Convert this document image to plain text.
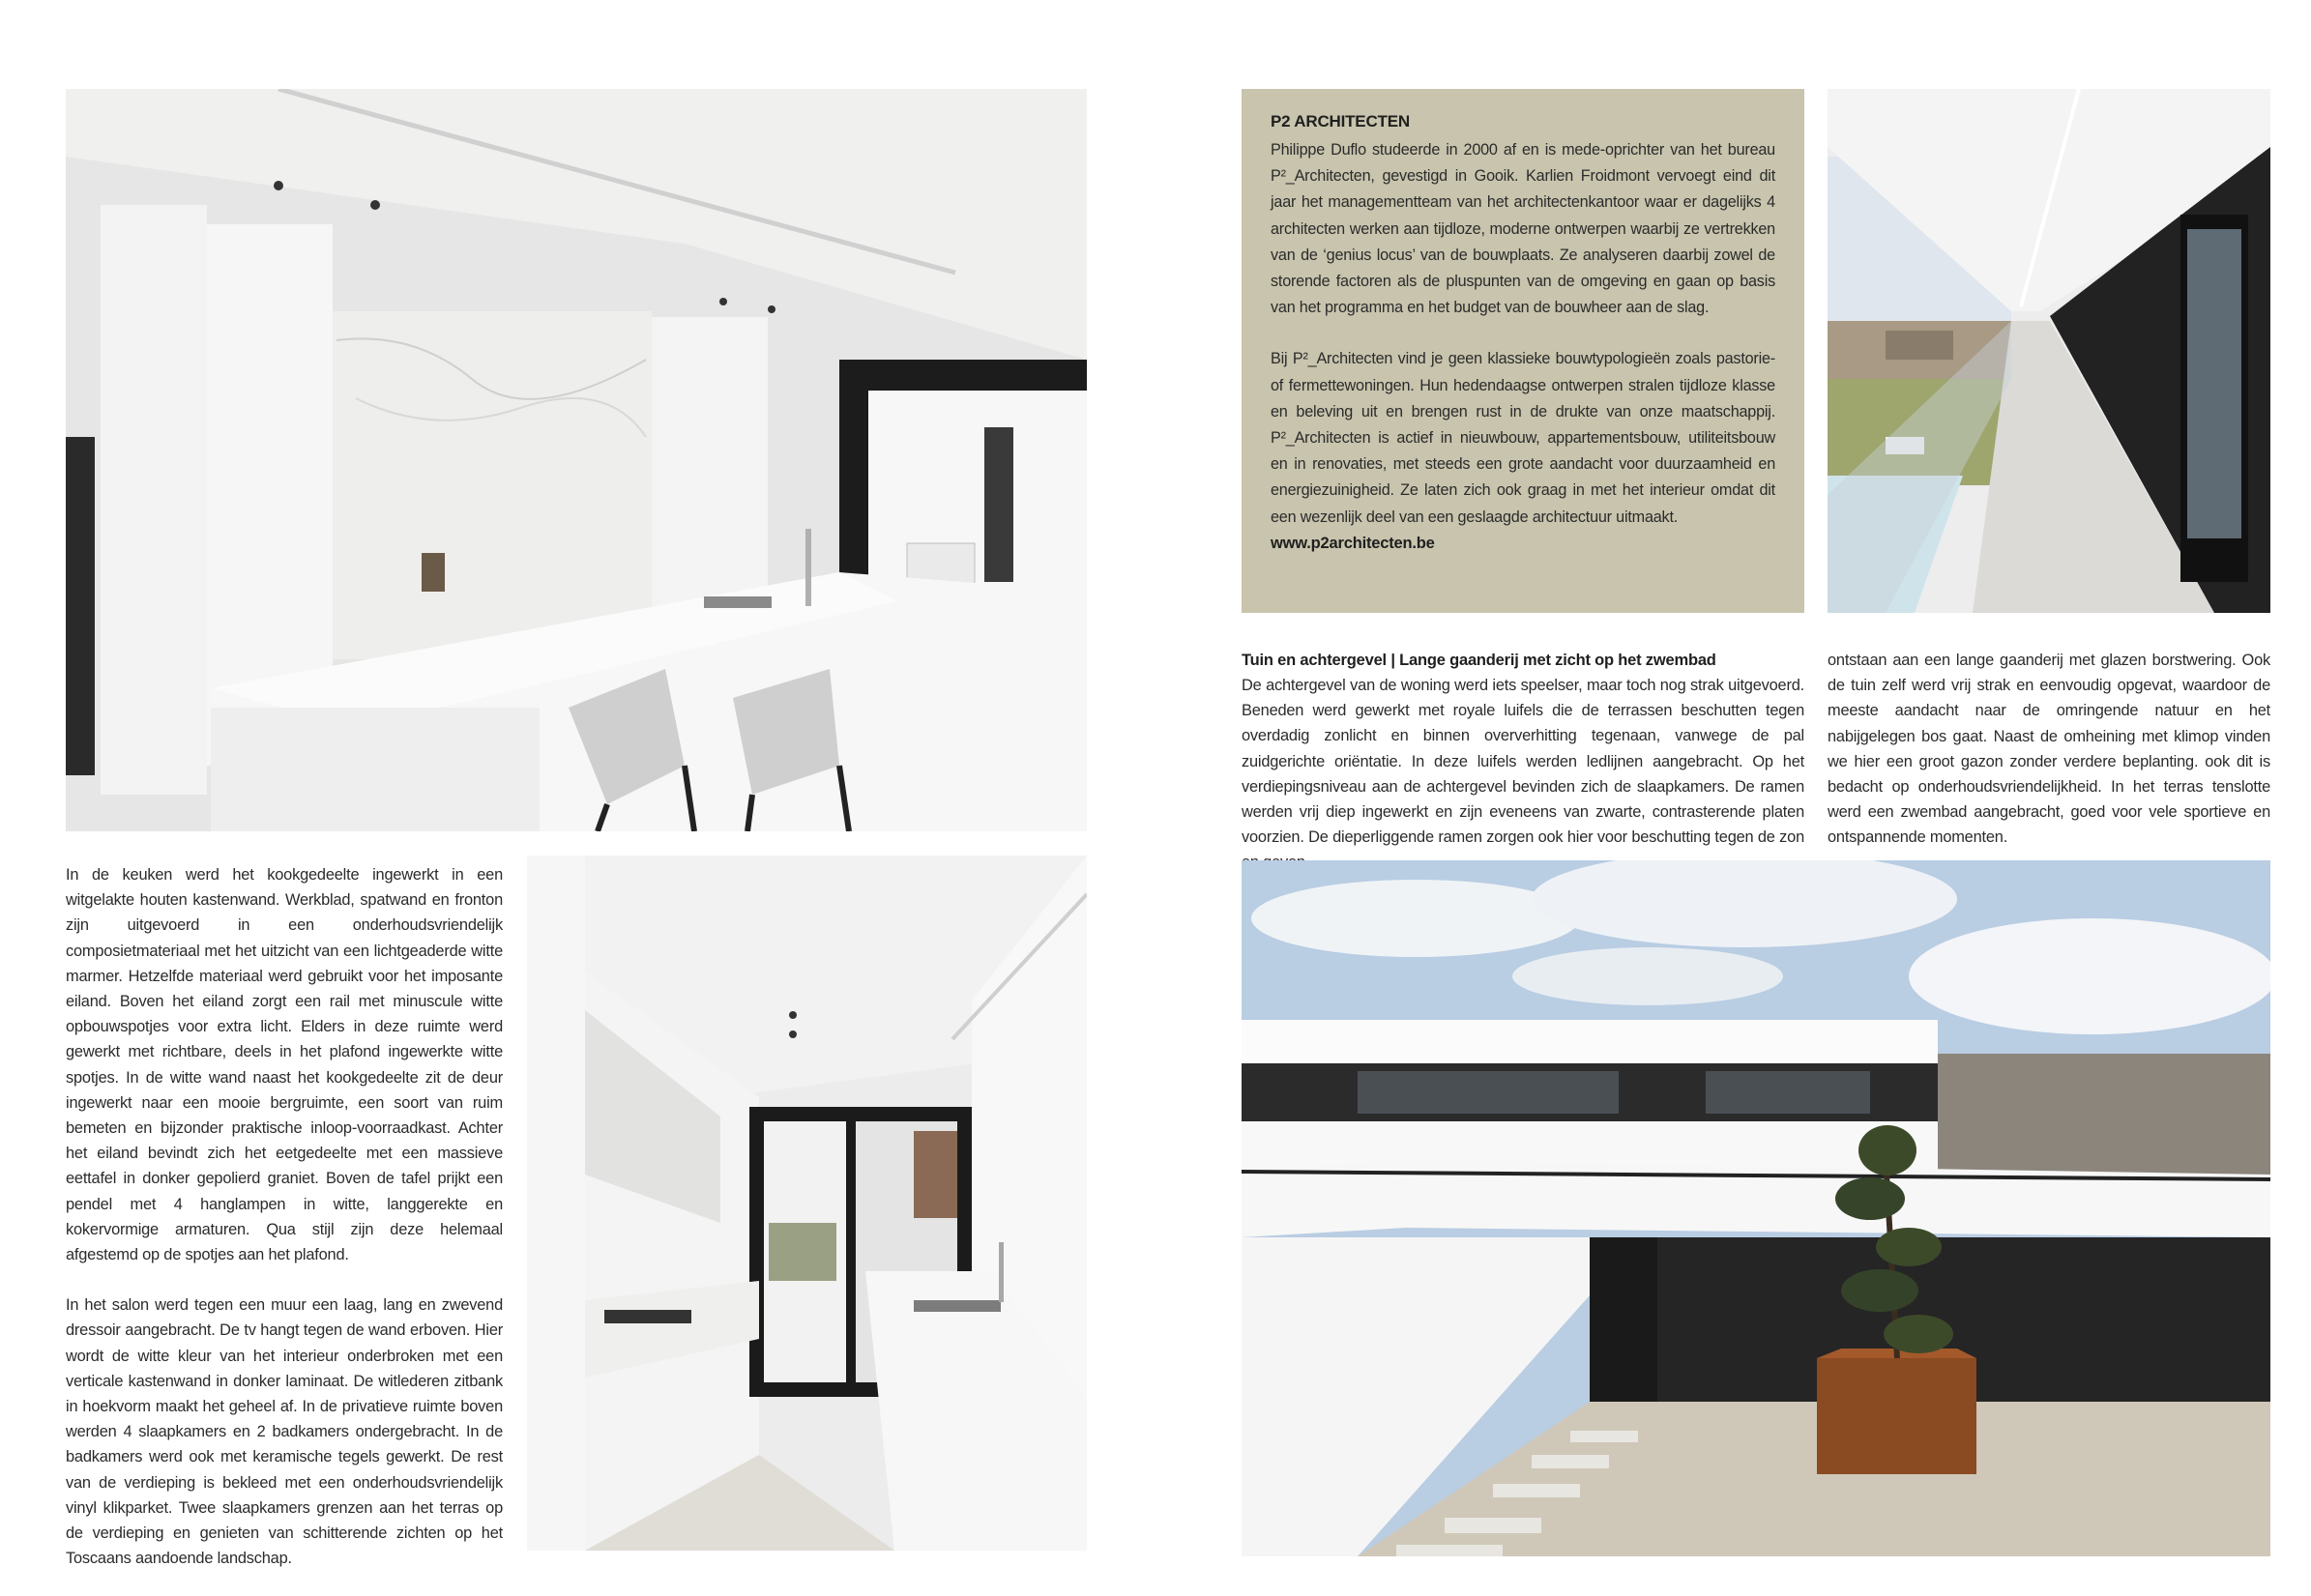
In de keuken werd het kookgedeelte ingewerkt in een witgelakte houten kastenwand. Werkblad, spatwand en fronton zijn uitgevoerd in een onderhoudsvriendelijk composietmateriaal met het uitzicht van een lichtgeaderde witte marmer. Hetzelfde materiaal werd gebruikt voor het imposante eiland. Boven het eiland zorgt een rail met minuscule witte opbouwspotjes voor extra licht. Elders in deze ruimte werd gewerkt met richtbare, deels in het plafond ingewerkte witte spotjes. In de witte wand naast het kookgedeelte zit de deur ingewerkt naar een mooie bergruimte, een soort van ruim bemeten en bijzonder praktische inloop-voorraadkast. Achter het eiland bevindt zich het eetgedeelte met een massieve eettafel in donker gepolierd graniet. Boven de tafel prijkt een pendel met 4 hanglampen in witte, langgerekte en kokervormige armaturen. Qua stijl zijn deze helemaal afgestemd op de spotjes aan het plafond.

In het salon werd tegen een muur een laag, lang en zwevend dressoir aangebracht. De tv hangt tegen de wand erboven. Hier wordt de witte kleur van het interieur onderbroken met een verticale kastenwand in donker laminaat. De witlederen zitbank in hoekvorm maakt het geheel af. In de privatieve ruimte boven werden 4 slaapkamers en 2 badkamers ondergebracht. In de badkamers werd ook met keramische tegels gewerkt. De rest van de verdieping is bekleed met een onderhoudsvriendelijk vinyl klikparket. Twee slaapkamers grenzen aan het terras op de verdieping en genieten van schitterende zichten op het Toscaans aandoende landschap.

P2 ARCHITECTEN

Philippe Duflo studeerde in 2000 af en is mede-oprichter van het bureau P²_Architecten, gevestigd in Gooik. Karlien Froidmont vervoegt eind dit jaar het managementteam van het architectenkantoor waar er dagelijks 4 architecten werken aan tijdloze, moderne ontwerpen waarbij ze vertrekken van de ‘genius locus’ van de bouwplaats. Ze analyseren daarbij zowel de storende factoren als de pluspunten van de omgeving en gaan op basis van het programma en het budget van de bouwheer aan de slag.

Bij P²_Architecten vind je geen klassieke bouwtypologieën zoals pastorie- of fermettewoningen. Hun hedendaagse ontwerpen stralen tijdloze klasse en beleving uit en brengen rust in de drukte van onze maatschappij. P²_Architecten is actief in nieuwbouw, appartementsbouw, utiliteitsbouw en in renovaties, met steeds een grote aandacht voor duurzaamheid en energiezuinigheid. Ze laten zich ook graag in met het interieur omdat dit een wezenlijk deel van een geslaagde architectuur uitmaakt.

www.p2architecten.be

Tuin en achtergevel | Lange gaanderij met zicht op het zwembad
De achtergevel van de woning werd iets speelser, maar toch nog strak uitgevoerd. Beneden werd gewerkt met royale luifels die de terrassen beschutten tegen overdadig zonlicht en binnen oververhitting tegenaan, vanwege de pal zuidgerichte oriëntatie. In deze luifels werden ledlijnen aangebracht. Op het verdiepingsniveau aan de achtergevel bevinden zich de slaapkamers. De ramen werden vrij diep ingewerkt en zijn eveneens van zwarte, contrasterende platen voorzien. De dieperliggende ramen zorgen ook hier voor beschutting tegen de zon
ontstaan aan een lange gaanderij met glazen borstwering. Ook de tuin zelf werd vrij strak en eenvoudig opgevat, waardoor de meeste aandacht naar de omringende natuur en het nabijgelegen bos gaat. Naast de omheining met klimop vinden we hier een groot gazon zonder verdere beplanting. ook dit is bedacht op onderhoudsvriendelijkheid. In het terras tenslotte werd een zwembad aangebracht, goed voor vele sportieve en ontspannende momenten.
